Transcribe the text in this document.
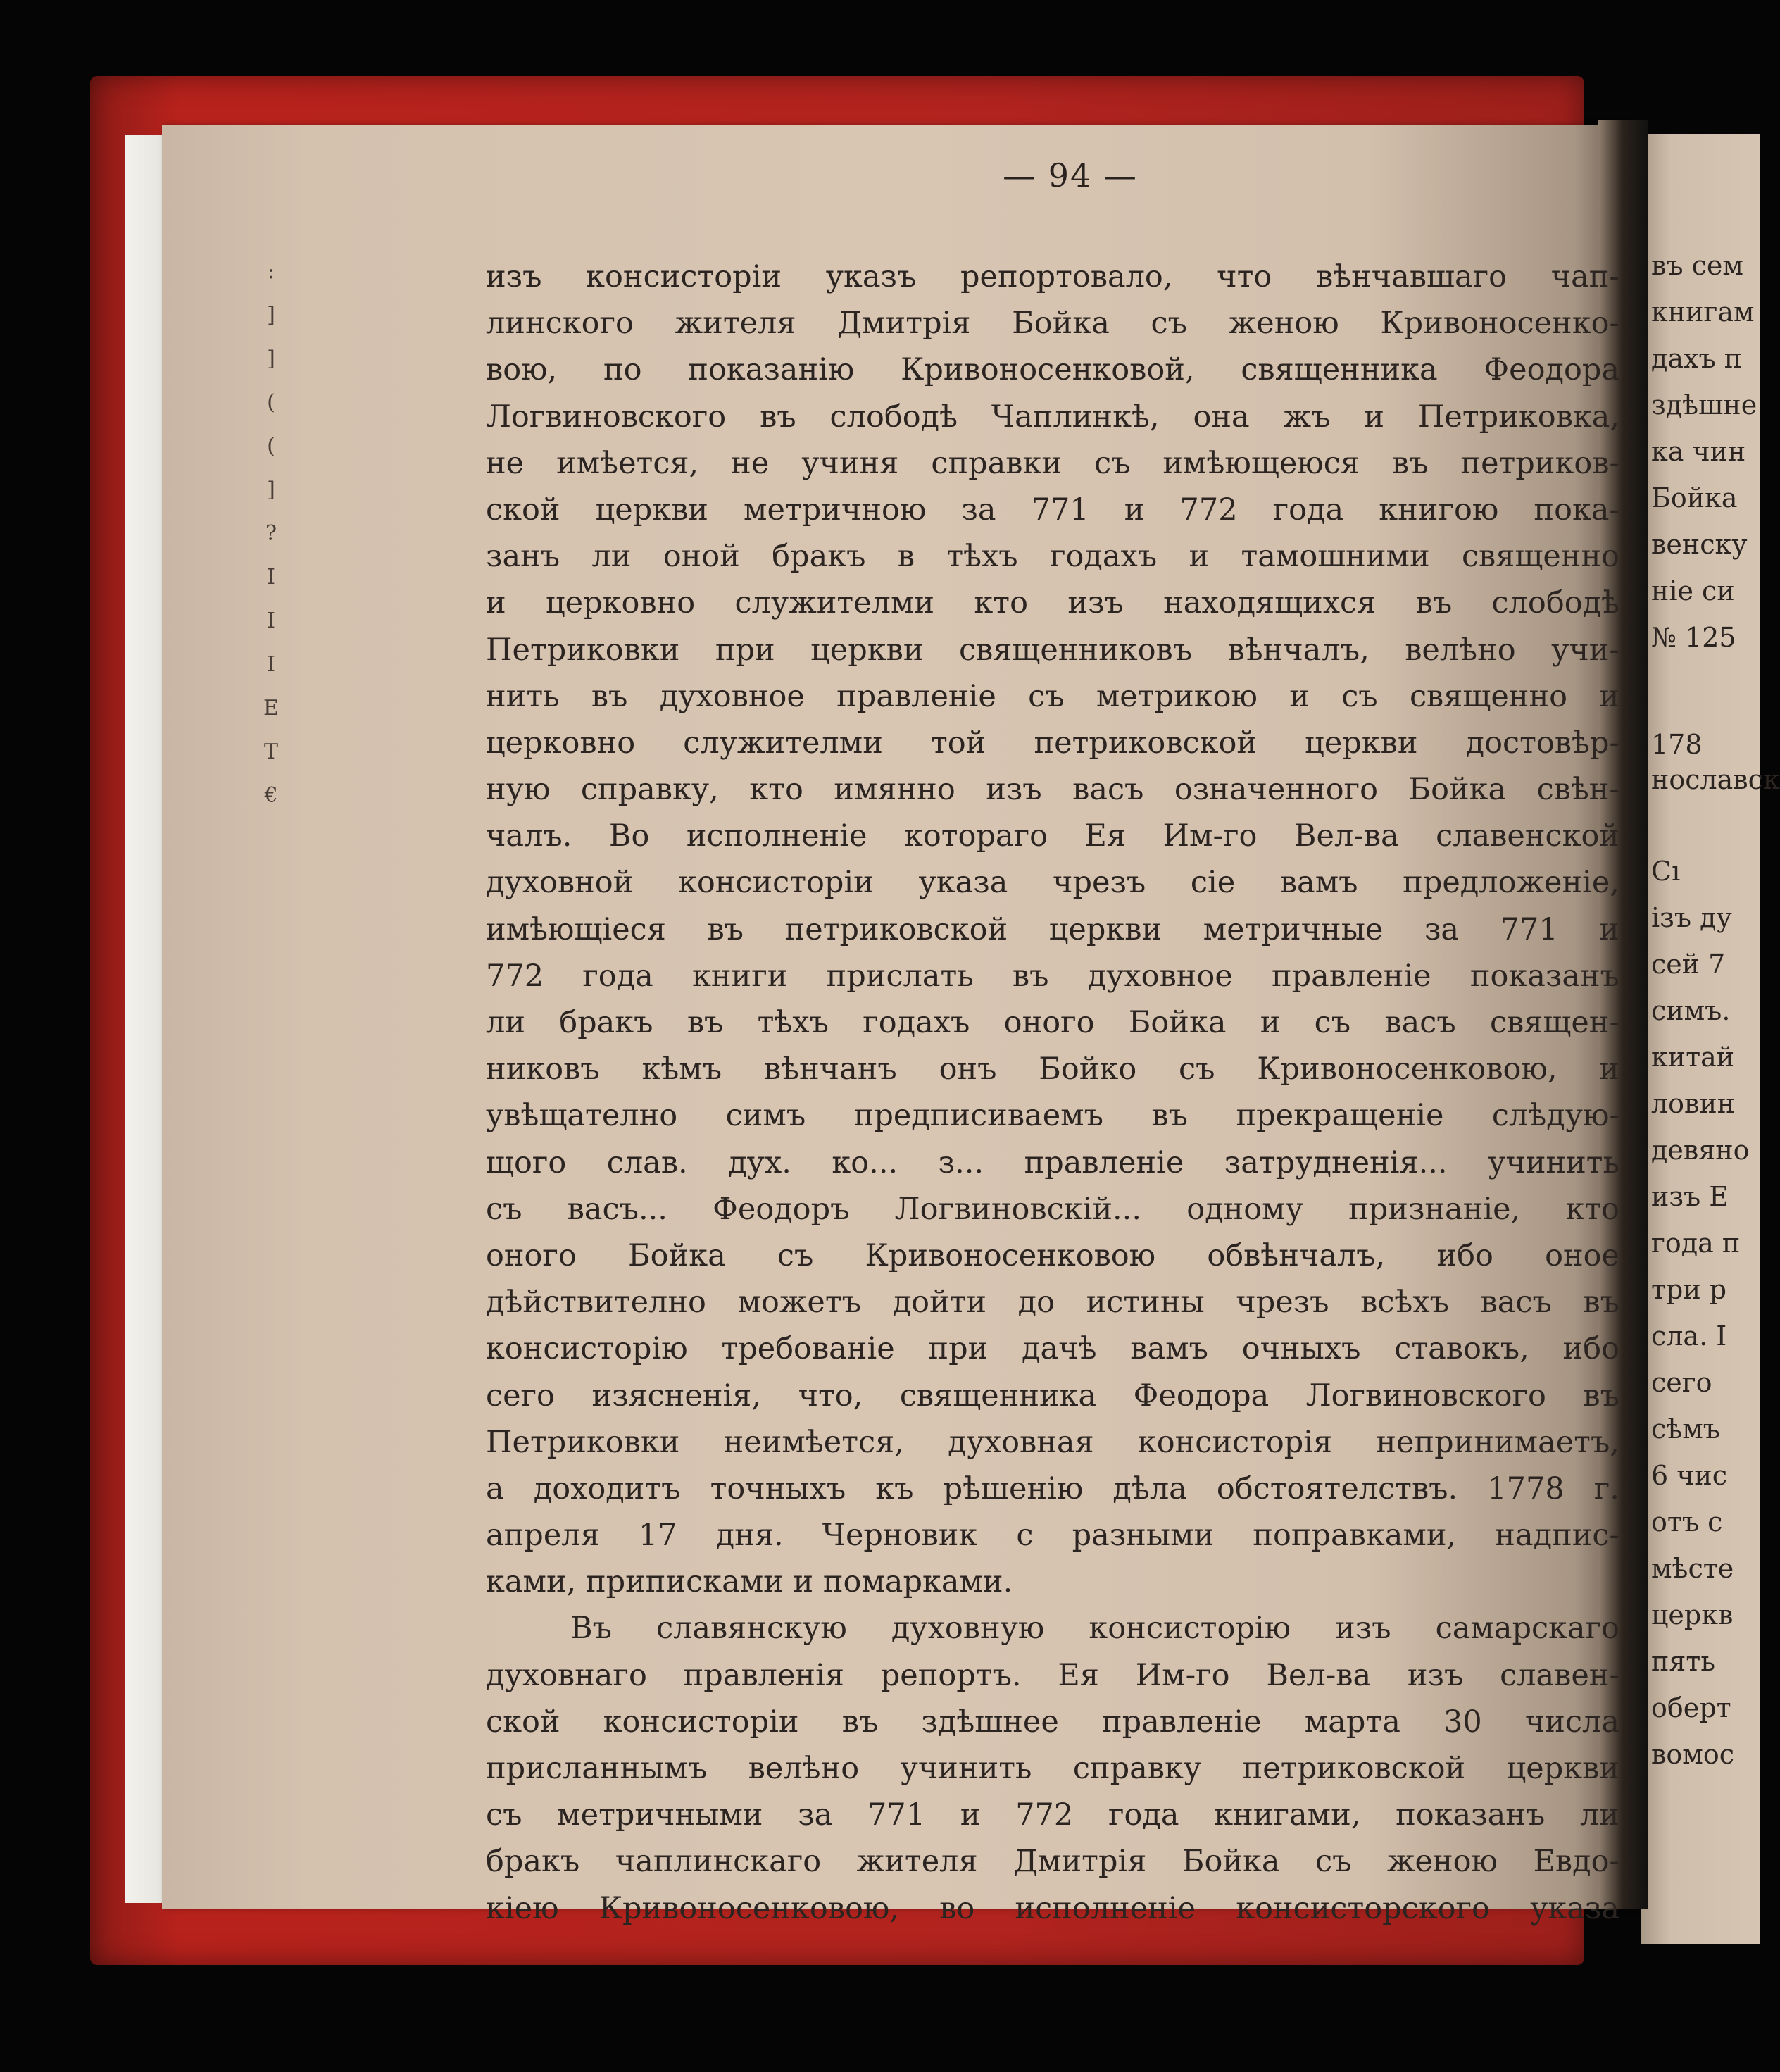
:
]
]
(
(
]
?
I
I
I
E
T
€
— 94 —
изъ консисторіи указъ репортовало, что вѣнчавшаго чап-
линского жителя Дмитрія Бойка съ женою Кривоносенко-
вою, по показанію Кривоносенковой, священника Феодора
Логвиновского въ слободѣ Чаплинкѣ, она жъ и Петриковка,
не имѣется, не учиня справки съ имѣющеюся въ петриков-
ской церкви метричною за 771 и 772 года книгою пока-
занъ ли оной бракъ в тѣхъ годахъ и тамошними священно
и церковно служителми кто изъ находящихся въ слободѣ
Петриковки при церкви священниковъ вѣнчалъ, велѣно учи-
нить въ духовное правленіе съ метрикою и съ священно и
церковно служителми той петриковской церкви достовѣр-
ную справку, кто имянно изъ васъ означенного Бойка свѣн-
чалъ. Во исполненіе котораго Ея Им-го Вел-ва славенской
духовной консисторіи указа чрезъ сіе вамъ предложеніе,
имѣющіеся въ петриковской церкви метричные за 771 и
772 года книги прислать въ духовное правленіе показанъ
ли бракъ въ тѣхъ годахъ оного Бойка и съ васъ священ-
никовъ кѣмъ вѣнчанъ онъ Бойко съ Кривоносенковою, и
увѣщателно симъ предписиваемъ въ прекращеніе слѣдую-
щого слав. дух. ко... з... правленіе затрудненія... учинить
съ васъ... Феодоръ Логвиновскій... одному признаніе, кто
оного Бойка съ Кривоносенковою обвѣнчалъ, ибо оное
дѣйствително можетъ дойти до истины чрезъ всѣхъ васъ въ
консисторію требованіе при дачѣ вамъ очныхъ ставокъ, ибо
сего изясненія, что, священника Феодора Логвиновского въ
Петриковки неимѣется, духовная консисторія непринимаетъ,
а доходитъ точныхъ къ рѣшенію дѣла обстоятелствъ. 1778 г.
апреля 17 дня. Черновик с разными поправками, надпис-
ками, приписками и помарками.
Въ славянскую духовную консисторію изъ самарскаго
духовнаго правленія репортъ. Ея Им-го Вел-ва изъ славен-
ской консисторіи въ здѣшнее правленіе марта 30 числа
присланнымъ велѣно учинить справку петриковской церкви
съ метричными за 771 и 772 года книгами, показанъ ли
бракъ чаплинскаго жителя Дмитрія Бойка съ женою Евдо-
кіею Кривоносенковою, во исполненіе консисторского указа
въ сем
книгам
дахъ п
здѣшне
ка чин
Бойка
венску
ніе си
№ 125
178
нославск
Сı
ізъ ду
сей 7
симъ.
китай
ловин
девяно
изъ Е
года п
три р
сла. I
сего
сѣмъ
6 чис
отъ с
мѣсте
церкв
пять
оберт
вомос
